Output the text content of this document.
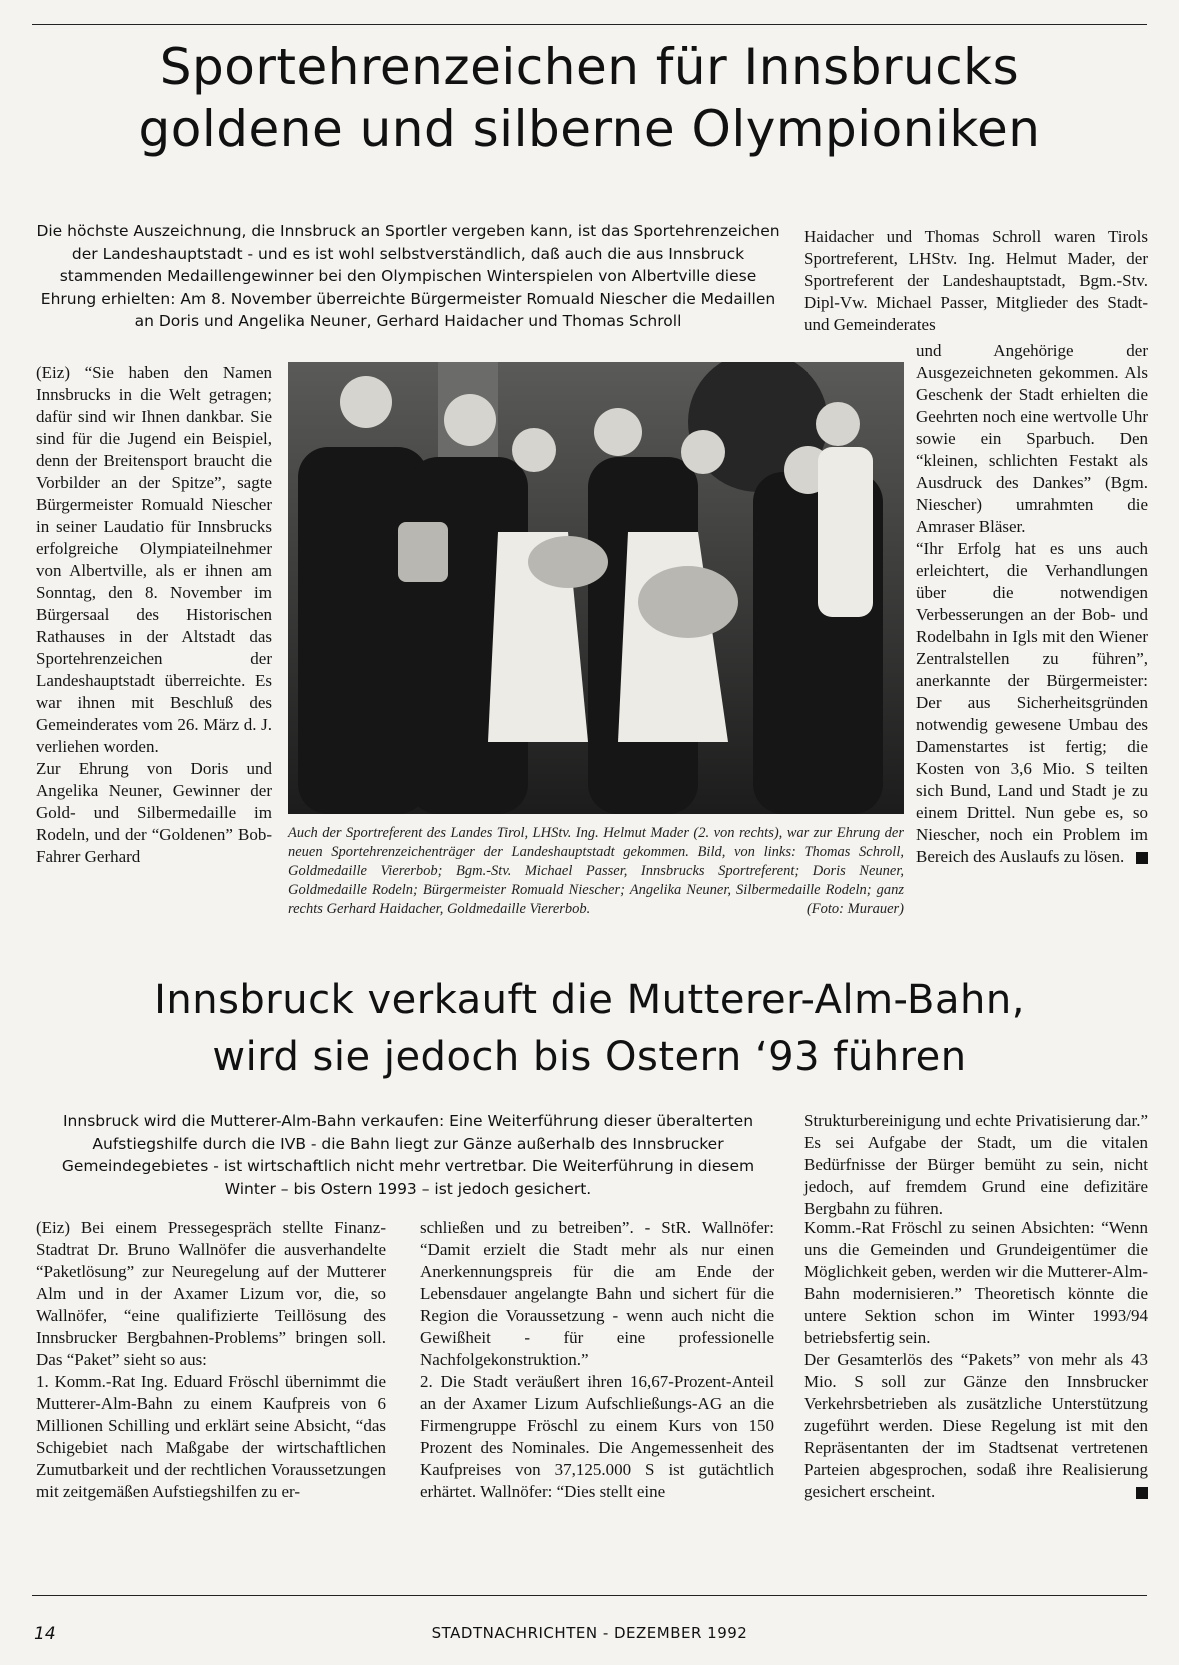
Sportehrenzeichen für Innsbrucks
goldene und silberne Olympioniken
Die höchste Auszeichnung, die Innsbruck an Sportler vergeben kann, ist das Sportehrenzeichen der Landeshauptstadt - und es ist wohl selbstverständlich, daß auch die aus Innsbruck stammenden Medaillengewinner bei den Olympischen Winterspielen von Albertville diese Ehrung erhielten: Am 8. November überreichte Bürgermeister Romuald Niescher die Medaillen an Doris und Angelika Neuner, Gerhard Haidacher und Thomas Schroll

Haidacher und Thomas Schroll waren Tirols Sportreferent, LHStv. Ing. Helmut Mader, der Sportreferent der Landeshauptstadt, Bgm.-Stv. Dipl-Vw. Michael Passer, Mitglieder des Stadt- und Gemeinderates

(Eiz) “Sie haben den Namen Innsbrucks in die Welt getragen; dafür sind wir Ihnen dankbar. Sie sind für die Jugend ein Beispiel, denn der Breitensport braucht die Vorbilder an der Spitze”, sagte Bürgermeister Romuald Niescher in seiner Laudatio für Innsbrucks erfolgreiche Olympiateilnehmer von Albertville, als er ihnen am Sonntag, den 8. November im Bürgersaal des Historischen Rathauses in der Altstadt das Sportehrenzeichen der Landeshauptstadt überreichte. Es war ihnen mit Beschluß des Gemeinderates vom 26. März d. J. verliehen worden.

Zur Ehrung von Doris und Angelika Neuner, Gewinner der Gold- und Silbermedaille im Rodeln, und der “Goldenen” Bob-Fahrer Gerhard

Auch der Sportreferent des Landes Tirol, LHStv. Ing. Helmut Mader (2. von rechts), war zur Ehrung der neuen Sportehrenzeichenträger der Landeshauptstadt gekommen. Bild, von links: Thomas Schroll, Goldmedaille Viererbob; Bgm.-Stv. Michael Passer, Innsbrucks Sportreferent; Doris Neuner, Goldmedaille Rodeln; Bürgermeister Romuald Niescher; Angelika Neuner, Silbermedaille Rodeln; ganz rechts Gerhard Haidacher, Goldmedaille Viererbob.	(Foto: Murauer)

und Angehörige der Ausgezeichneten gekommen. Als Geschenk der Stadt erhielten die Geehrten noch eine wertvolle Uhr sowie ein Sparbuch. Den “kleinen, schlichten Festakt als Ausdruck des Dankes” (Bgm. Niescher) umrahmten die Amraser Bläser.

“Ihr Erfolg hat es uns auch erleichtert, die Verhandlungen über die notwendigen Verbesserungen an der Bob- und Rodelbahn in Igls mit den Wiener Zentralstellen zu führen”, anerkannte der Bürgermeister: Der aus Sicherheitsgründen notwendig gewesene Umbau des Damenstartes ist fertig; die Kosten von 3,6 Mio. S teilten sich Bund, Land und Stadt je zu einem Drittel. Nun gebe es, so Niescher, noch ein Problem im Bereich des Auslaufs zu lösen.

Innsbruck verkauft die Mutterer-Alm-Bahn,
wird sie jedoch bis Ostern ‘93 führen
Innsbruck wird die Mutterer-Alm-Bahn verkaufen: Eine Weiterführung dieser überalterten Aufstiegshilfe durch die IVB - die Bahn liegt zur Gänze außerhalb des Innsbrucker Gemeindegebietes - ist wirtschaftlich nicht mehr vertretbar. Die Weiterführung in diesem Winter – bis Ostern 1993 – ist jedoch gesichert.

Strukturbereinigung und echte Privatisierung dar.” Es sei Aufgabe der Stadt, um die vitalen Bedürfnisse der Bürger bemüht zu sein, nicht jedoch, auf fremdem Grund eine defizitäre Bergbahn zu führen.

(Eiz) Bei einem Pressegespräch stellte Finanz-Stadtrat Dr. Bruno Wallnöfer die ausverhandelte “Paketlösung” zur Neuregelung auf der Mutterer Alm und in der Axamer Lizum vor, die, so Wallnöfer, “eine qualifizierte Teillösung des Innsbrucker Bergbahnen-Problems” bringen soll. Das “Paket” sieht so aus:

1. Komm.-Rat Ing. Eduard Fröschl übernimmt die Mutterer-Alm-Bahn zu einem Kaufpreis von 6 Millionen Schilling und erklärt seine Absicht, “das Schigebiet nach Maßgabe der wirtschaftlichen Zumutbarkeit und der rechtlichen Voraussetzungen mit zeitgemäßen Aufstiegshilfen zu er-

schließen und zu betreiben”. - StR. Wallnöfer: “Damit erzielt die Stadt mehr als nur einen Anerkennungspreis für die am Ende der Lebensdauer angelangte Bahn und sichert für die Region die Voraussetzung - wenn auch nicht die Gewißheit - für eine professionelle Nachfolgekonstruktion.”

2. Die Stadt veräußert ihren 16,67-Prozent-Anteil an der Axamer Lizum Aufschließungs-AG an die Firmengruppe Fröschl zu einem Kurs von 150 Prozent des Nominales. Die Angemessenheit des Kaufpreises von 37,125.000 S ist gutächtlich erhärtet. Wallnöfer: “Dies stellt eine

Komm.-Rat Fröschl zu seinen Absichten: “Wenn uns die Gemeinden und Grundeigentümer die Möglichkeit geben, werden wir die Mutterer-Alm-Bahn modernisieren.” Theoretisch könnte die untere Sektion schon im Winter 1993/94 betriebsfertig sein.

Der Gesamterlös des “Pakets” von mehr als 43 Mio. S soll zur Gänze den Innsbrucker Verkehrsbetrieben als zusätzliche Unterstützung zugeführt werden. Diese Regelung ist mit den Repräsentanten der im Stadtsenat vertretenen Parteien abgesprochen, sodaß ihre Realisierung gesichert erscheint.

14	STADTNACHRICHTEN - DEZEMBER 1992
